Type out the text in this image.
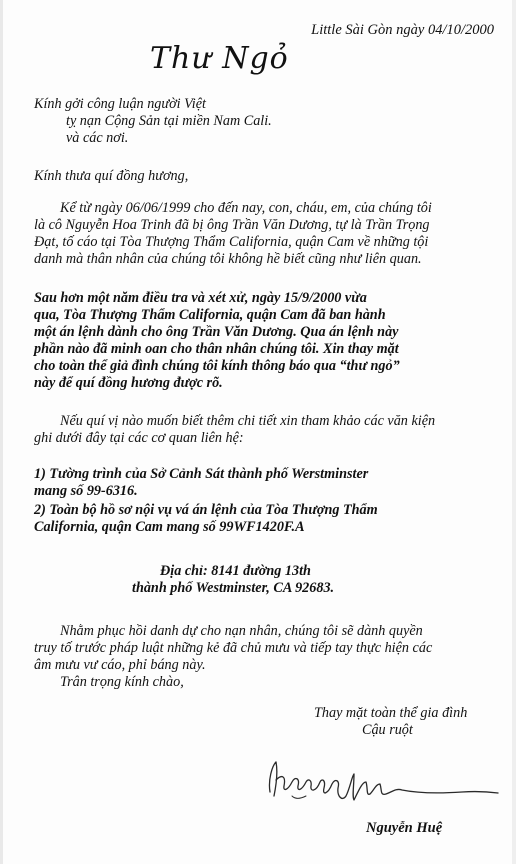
Little Sài Gòn ngày 04/10/2000
Thư Ngỏ
Kính gởi công luận người Việt
tỵ nạn Cộng Sản tại miền Nam Cali.
và các nơi.
Kính thưa quí đồng hương,
Kể từ ngày 06/06/1999 cho đến nay, con, cháu, em, của chúng tôi
là cô Nguyễn Hoa Trinh đã bị ông Trần Văn Dương, tự là Trần Trọng
Đạt, tố cáo tại Tòa Thượng Thẩm California, quận Cam về những tội
danh mà thân nhân của chúng tôi không hề biết cũng như liên quan.
Sau hơn một năm điều tra và xét xử, ngày 15/9/2000 vừa
qua, Tòa Thượng Thẩm California, quận Cam đã ban hành
một án lệnh dành cho ông Trần Văn Dương. Qua án lệnh này
phần nào đã minh oan cho thân nhân chúng tôi. Xin thay mặt
cho toàn thể giả đình chúng tôi kính thông báo qua “thư ngỏ”
này để quí đồng hương được rõ.
Nếu quí vị nào muốn biết thêm chi tiết xin tham khảo các văn kiện
ghi dưới đây tại các cơ quan liên hệ:
1) Tường trình của Sở Cảnh Sát thành phố Werstminster
mang số 99-6316.
2) Toàn bộ hồ sơ nội vụ vá án lệnh của Tòa Thượng Thẩm
California, quận Cam mang số 99WF1420F.A
Địa chỉ: 8141 đường 13th
thành phố Westminster, CA 92683.
Nhằm phục hồi danh dự cho nạn nhân, chúng tôi sẽ dành quyền
truy tố trước pháp luật những kẻ đã chủ mưu và tiếp tay thực hiện các
âm mưu vư cáo, phỉ báng này.
Trân trọng kính chào,
Thay mặt toàn thể gia đình
Cậu ruột
Nguyễn Huệ
